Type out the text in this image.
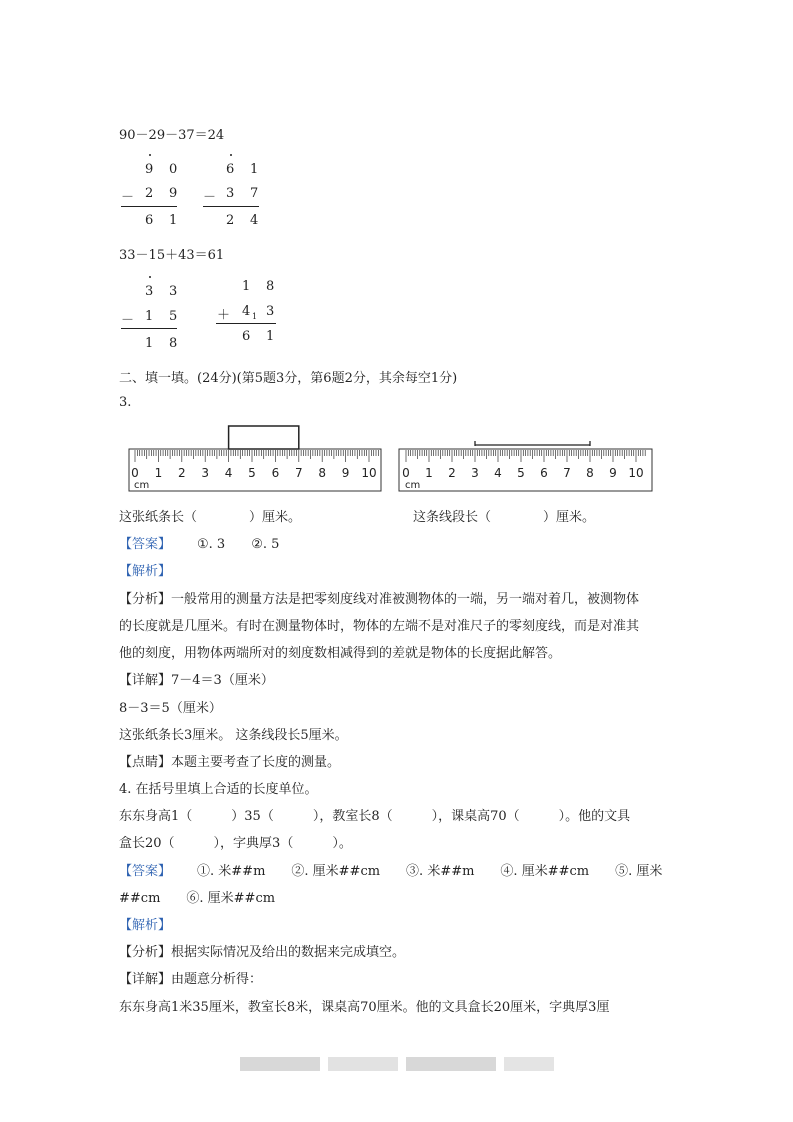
90－29－37＝24
9 0
－ 2 9
6 1
6 1
－ 3 7
2 4
33－15＋43＝61
3 3
－ 1 5
1 8
1 8
＋ 4 1 3
6 1
二、填一填。(24分)(第5题3分，第6题2分，其余每空1分)
3.
0 1 2 3 4 5 6 7 8 9 10
cm
0 1 2 3 4 5 6 7 8 9 10
cm
这张纸条长（　　　　）厘米。	这条线段长（　　　　）厘米。
【答案】 ①. 3　　②. 5
【解析】
【分析】一般常用的测量方法是把零刻度线对准被测物体的一端，另一端对着几，被测物体
的长度就是几厘米。有时在测量物体时，物体的左端不是对准尺子的零刻度线，而是对准其
他的刻度，用物体两端所对的刻度数相减得到的差就是物体的长度据此解答。
【详解】7－4＝3（厘米）
8－3＝5（厘米）
这张纸条长3厘米。 这条线段长5厘米。
【点睛】本题主要考查了长度的测量。
4. 在括号里填上合适的长度单位。
东东身高1（　　　）35（　　　），教室长8（　　　），课桌高70（　　　）。他的文具
盒长20（　　　），字典厚3（　　　）。
【答案】 ①. 米##m　　②. 厘米##cm　　③. 米##m　　④. 厘米##cm　　⑤. 厘米
##cm　　⑥. 厘米##cm
【解析】
【分析】根据实际情况及给出的数据来完成填空。
【详解】由题意分析得：
东东身高1米35厘米，教室长8米，课桌高70厘米。他的文具盒长20厘米，字典厚3厘
